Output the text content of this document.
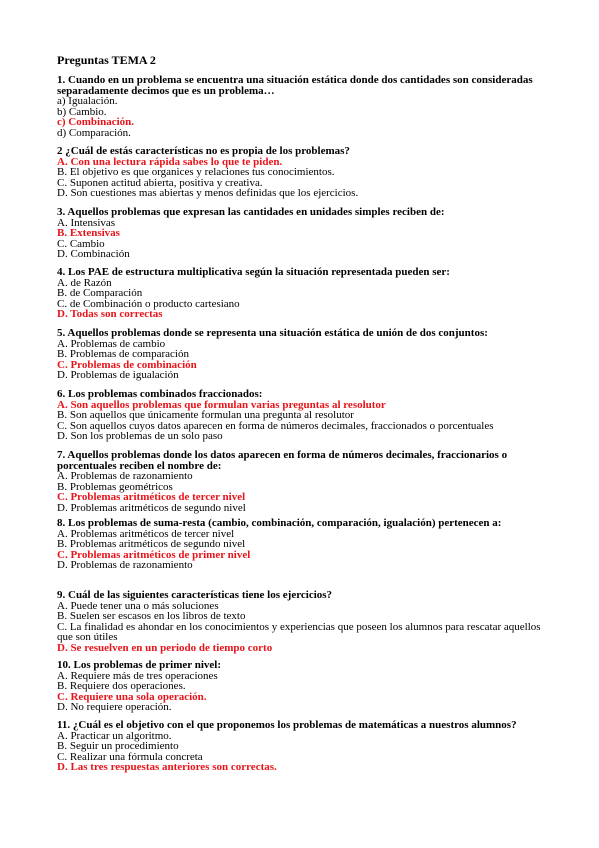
Preguntas TEMA 2
1. Cuando en un problema se encuentra una situación estática donde dos cantidades son consideradas separadamente decimos que es un problema…
a) Igualación.
b) Cambio.
c) Combinación.
d) Comparación.
2 ¿Cuál de estás características no es propia de los problemas?
A. Con una lectura rápida sabes lo que te piden.
B. El objetivo es que organices y relaciones tus conocimientos.
C. Suponen actitud abierta, positiva y creativa.
D. Son cuestiones mas abiertas y menos definidas que los ejercicios.
3. Aquellos problemas que expresan las cantidades en unidades simples reciben de:
A. Intensivas
B. Extensivas
C. Cambio
D. Combinación
4. Los PAE de estructura multiplicativa según la situación representada pueden ser:
A. de Razón
B. de Comparación
C. de Combinación o producto cartesiano
D. Todas son correctas
5. Aquellos problemas donde se representa una situación estática de unión de dos conjuntos:
A. Problemas de cambio
B. Problemas de comparación
C. Problemas de combinación
D. Problemas de igualación
6. Los problemas combinados fraccionados:
A. Son aquellos problemas que formulan varias preguntas al resolutor
B. Son aquellos que únicamente formulan una pregunta al resolutor
C. Son aquellos cuyos datos aparecen en forma de números decimales, fraccionados o porcentuales
D. Son los problemas de un solo paso
7. Aquellos problemas donde los datos aparecen en forma de números decimales, fraccionarios o porcentuales reciben el nombre de:
A. Problemas de razonamiento
B. Problemas geométricos
C. Problemas aritméticos de tercer nivel
D. Problemas aritméticos de segundo nivel
8. Los problemas de suma-resta (cambio, combinación, comparación, igualación) pertenecen a:
A. Problemas aritméticos de tercer nivel
B. Problemas aritméticos de segundo nivel
C. Problemas aritméticos de primer nivel
D. Problemas de razonamiento
9. Cuál de las siguientes características tiene los ejercicios?
A. Puede tener una o más soluciones
B. Suelen ser escasos en los libros de texto
C. La finalidad es ahondar en los conocimientos y experiencias que poseen los alumnos para rescatar aquellos que son útiles
D. Se resuelven en un periodo de tiempo corto
10. Los problemas de primer nivel:
A. Requiere más de tres operaciones
B. Requiere dos operaciones.
C. Requiere una sola operación.
D. No requiere operación.
11. ¿Cuál es el objetivo con el que proponemos los problemas de matemáticas a nuestros alumnos?
A. Practicar un algoritmo.
B. Seguir un procedimiento
C. Realizar una fórmula concreta
D. Las tres respuestas anteriores son correctas.
